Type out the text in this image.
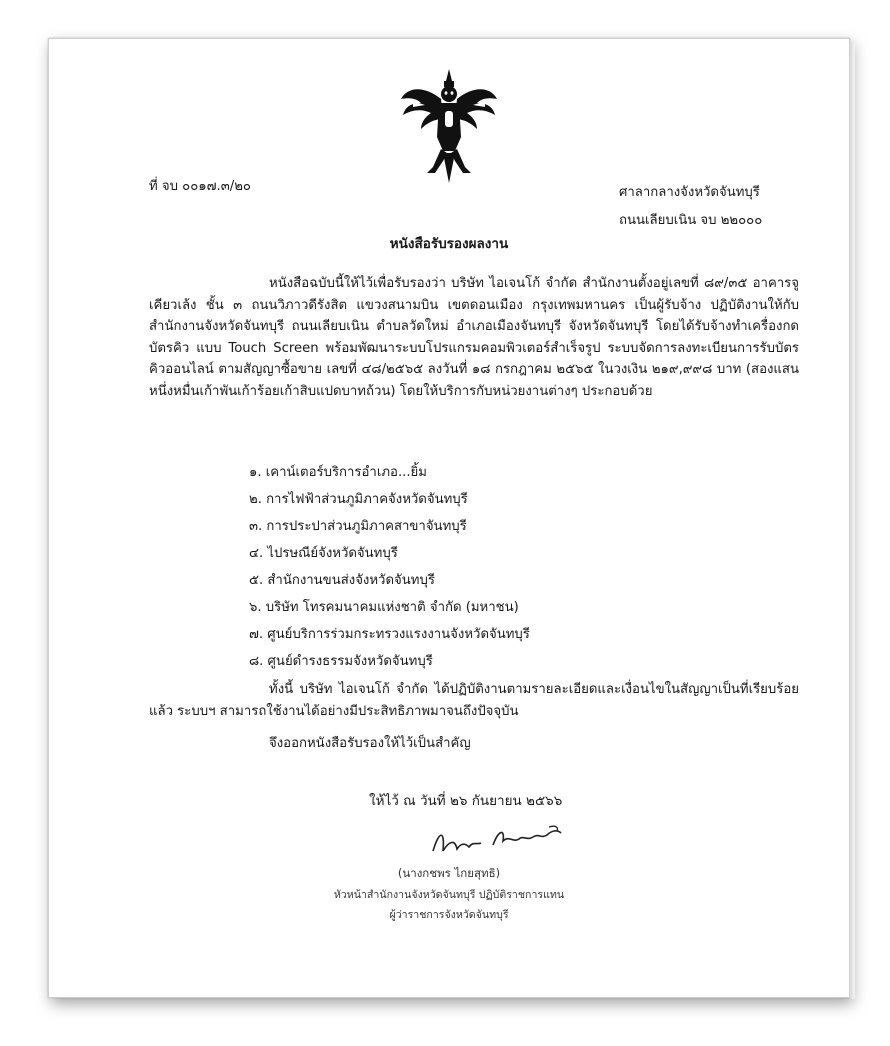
ที่ จบ ๐๐๑๗.๓/๒๐	ศาลากลางจังหวัดจันทบุรี
ถนนเลียบเนิน จบ ๒๒๐๐๐
หนังสือรับรองผลงาน

หนังสือฉบับนี้ให้ไว้เพื่อรับรองว่า บริษัท ไอเจนโก้ จำกัด สำนักงานตั้งอยู่เลขที่ ๘๙/๓๕ อาคารจูเคียวเล้ง ชั้น ๓ ถนนวิภาวดีรังสิต แขวงสนามบิน เขตดอนเมือง กรุงเทพมหานคร เป็นผู้รับจ้าง ปฏิบัติงานให้กับสำนักงานจังหวัดจันทบุรี ถนนเลียบเนิน ตำบลวัดใหม่ อำเภอเมืองจันทบุรี จังหวัดจันทบุรี โดยได้รับจ้างทำเครื่องกดบัตรคิว แบบ Touch Screen พร้อมพัฒนาระบบโปรแกรมคอมพิวเตอร์สำเร็จรูป ระบบจัดการลงทะเบียนการรับบัตรคิวออนไลน์ ตามสัญญาซื้อขาย เลขที่ ๔๘/๒๕๖๕ ลงวันที่ ๑๘ กรกฎาคม ๒๕๖๕ ในวงเงิน ๒๑๙,๙๙๘ บาท (สองแสนหนึ่งหมื่นเก้าพันเก้าร้อยเก้าสิบแปดบาทถ้วน) โดยให้บริการกับหน่วยงานต่างๆ ประกอบด้วย

๑. เคาน์เตอร์บริการอำเภอ...ยิ้ม
๒. การไฟฟ้าส่วนภูมิภาคจังหวัดจันทบุรี
๓. การประปาส่วนภูมิภาคสาขาจันทบุรี
๔. ไปรษณีย์จังหวัดจันทบุรี
๕. สำนักงานขนส่งจังหวัดจันทบุรี
๖. บริษัท โทรคมนาคมแห่งชาติ จำกัด (มหาชน)
๗. ศูนย์บริการร่วมกระทรวงแรงงานจังหวัดจันทบุรี
๘. ศูนย์ดำรงธรรมจังหวัดจันทบุรี

ทั้งนี้ บริษัท ไอเจนโก้ จำกัด ได้ปฏิบัติงานตามรายละเอียดและเงื่อนไขในสัญญาเป็นที่เรียบร้อยแล้ว ระบบฯ สามารถใช้งานได้อย่างมีประสิทธิภาพมาจนถึงปัจจุบัน

จึงออกหนังสือรับรองให้ไว้เป็นสำคัญ

ให้ไว้ ณ วันที่ ๒๖ กันยายน ๒๕๖๖
(นางกชพร ไกยสุทธิ)
หัวหน้าสำนักงานจังหวัดจันทบุรี ปฏิบัติราชการแทน
ผู้ว่าราชการจังหวัดจันทบุรี
